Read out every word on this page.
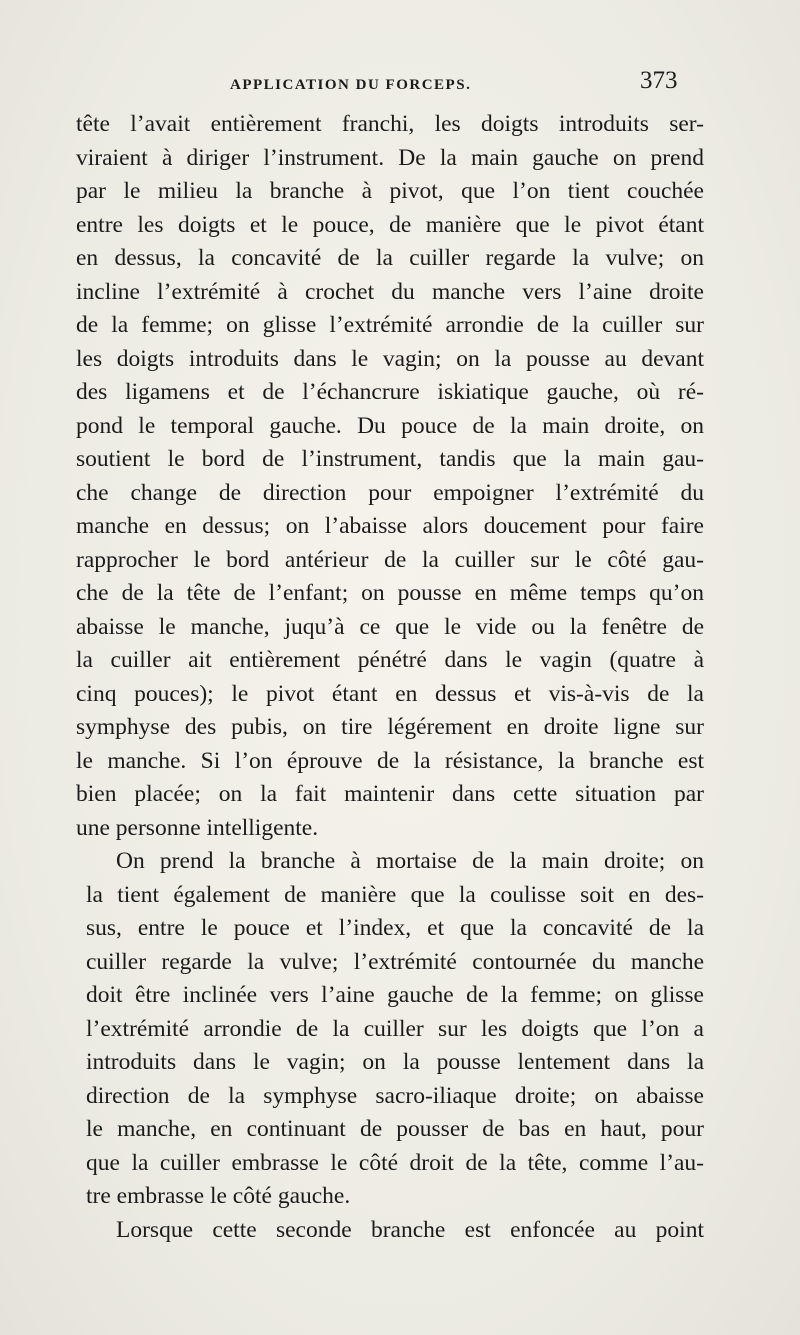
APPLICATION DU FORCEPS.	373
tête l’avait entièrement franchi, les doigts introduits ser-
viraient à diriger l’instrument. De la main gauche on prend
par le milieu la branche à pivot, que l’on tient couchée
entre les doigts et le pouce, de manière que le pivot étant
en dessus, la concavité de la cuiller regarde la vulve; on
incline l’extrémité à crochet du manche vers l’aine droite
de la femme; on glisse l’extrémité arrondie de la cuiller sur
les doigts introduits dans le vagin; on la pousse au devant
des ligamens et de l’échancrure iskiatique gauche, où ré-
pond le temporal gauche. Du pouce de la main droite, on
soutient le bord de l’instrument, tandis que la main gau-
che change de direction pour empoigner l’extrémité du
manche en dessus; on l’abaisse alors doucement pour faire
rapprocher le bord antérieur de la cuiller sur le côté gau-
che de la tête de l’enfant; on pousse en même temps qu’on
abaisse le manche, juqu’à ce que le vide ou la fenêtre de
la cuiller ait entièrement pénétré dans le vagin (quatre à
cinq pouces); le pivot étant en dessus et vis-à-vis de la
symphyse des pubis, on tire légérement en droite ligne sur
le manche. Si l’on éprouve de la résistance, la branche est
bien placée; on la fait maintenir dans cette situation par
une personne intelligente.
On prend la branche à mortaise de la main droite; on
la tient également de manière que la coulisse soit en des-
sus, entre le pouce et l’index, et que la concavité de la
cuiller regarde la vulve; l’extrémité contournée du manche
doit être inclinée vers l’aine gauche de la femme; on glisse
l’extrémité arrondie de la cuiller sur les doigts que l’on a
introduits dans le vagin; on la pousse lentement dans la
direction de la symphyse sacro-iliaque droite; on abaisse
le manche, en continuant de pousser de bas en haut, pour
que la cuiller embrasse le côté droit de la tête, comme l’au-
tre embrasse le côté gauche.
Lorsque cette seconde branche est enfoncée au point
